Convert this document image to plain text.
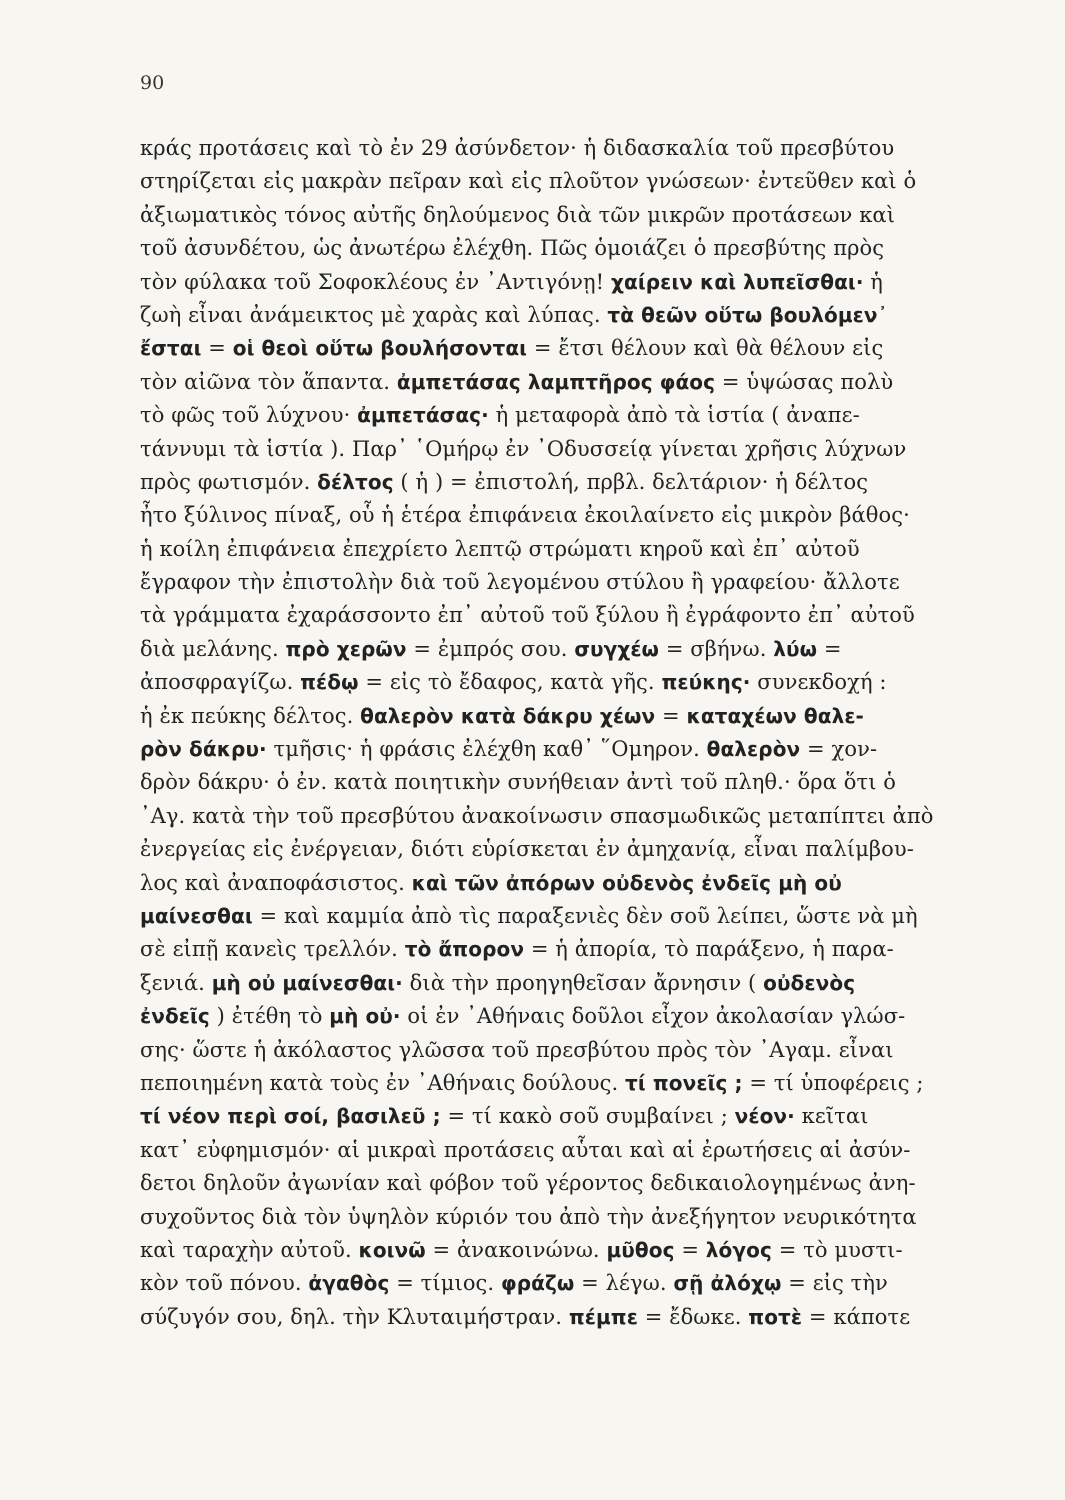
90
κράς προτάσεις καὶ τὸ ἐν 29 ἀσύνδετον· ἡ διδασκαλία τοῦ πρεσβύτου
στηρίζεται εἰς μακρὰν πεῖραν καὶ εἰς πλοῦτον γνώσεων· ἐντεῦθεν καὶ ὁ
ἀξιωματικὸς τόνος αὐτῆς δηλούμενος διὰ τῶν μικρῶν προτάσεων καὶ
τοῦ ἀσυνδέτου, ὡς ἀνωτέρω ἐλέχθη. Πῶς ὁμοιάζει ὁ πρεσβύτης πρὸς
τὸν φύλακα τοῦ Σοφοκλέους ἐν ᾽Αντιγόνῃ! χαίρειν καὶ λυπεῖσθαι· ἡ
ζωὴ εἶναι ἀνάμεικτος μὲ χαρὰς καὶ λύπας. τὰ θεῶν οὕτω βουλόμεν᾽
ἔσται = οἱ θεοὶ οὕτω βουλήσονται = ἔτσι θέλουν καὶ θὰ θέλουν εἰς
τὸν αἰῶνα τὸν ἅπαντα. ἀμπετάσας λαμπτῆρος φάος = ὑψώσας πολὺ
τὸ φῶς τοῦ λύχνου· ἀμπετάσας· ἡ μεταφορὰ ἀπὸ τὰ ἱστία ( ἀναπε-
τάννυμι τὰ ἱστία ). Παρ᾽ ῾Ομήρῳ ἐν ᾽Οδυσσείᾳ γίνεται χρῆσις λύχνων
πρὸς φωτισμόν. δέλτος ( ἡ ) = ἐπιστολή, πρβλ. δελτάριον· ἡ δέλτος
ἦτο ξύλινος πίναξ, οὗ ἡ ἑτέρα ἐπιφάνεια ἐκοιλαίνετο εἰς μικρὸν βάθος·
ἡ κοίλη ἐπιφάνεια ἐπεχρίετο λεπτῷ στρώματι κηροῦ καὶ ἐπ᾽ αὐτοῦ
ἔγραφον τὴν ἐπιστολὴν διὰ τοῦ λεγομένου στύλου ἢ γραφείου· ἄλλοτε
τὰ γράμματα ἐχαράσσοντο ἐπ᾽ αὐτοῦ τοῦ ξύλου ἢ ἐγράφοντο ἐπ᾽ αὐτοῦ
διὰ μελάνης. πρὸ χερῶν = ἐμπρός σου. συγχέω = σβήνω. λύω =
ἀποσφραγίζω. πέδῳ = εἰς τὸ ἔδαφος, κατὰ γῆς. πεύκης· συνεκδοχή :
ἡ ἐκ πεύκης δέλτος. θαλερὸν κατὰ δάκρυ χέων = καταχέων θαλε-
ρὸν δάκρυ· τμῆσις· ἡ φράσις ἐλέχθη καθ᾽ ῞Ομηρον. θαλερὸν = χον-
δρὸν δάκρυ· ὁ ἐν. κατὰ ποιητικὴν συνήθειαν ἀντὶ τοῦ πληθ.· ὅρα ὅτι ὁ
᾽Αγ. κατὰ τὴν τοῦ πρεσβύτου ἀνακοίνωσιν σπασμωδικῶς μεταπίπτει ἀπὸ
ἐνεργείας εἰς ἐνέργειαν, διότι εὑρίσκεται ἐν ἀμηχανίᾳ, εἶναι παλίμβου-
λος καὶ ἀναποφάσιστος. καὶ τῶν ἀπόρων οὐδενὸς ἐνδεῖς μὴ οὐ
μαίνεσθαι = καὶ καμμία ἀπὸ τὶς παραξενιὲς δὲν σοῦ λείπει, ὥστε νὰ μὴ
σὲ εἰπῇ κανεὶς τρελλόν. τὸ ἄπορον = ἡ ἀπορία, τὸ παράξενο, ἡ παρα-
ξενιά. μὴ οὐ μαίνεσθαι· διὰ τὴν προηγηθεῖσαν ἄρνησιν ( οὐδενὸς
ἐνδεῖς ) ἐτέθη τὸ μὴ οὐ· οἱ ἐν ᾽Αθήναις δοῦλοι εἶχον ἀκολασίαν γλώσ-
σης· ὥστε ἡ ἀκόλαστος γλῶσσα τοῦ πρεσβύτου πρὸς τὸν ᾽Αγαμ. εἶναι
πεποιημένη κατὰ τοὺς ἐν ᾽Αθήναις δούλους. τί πονεῖς ; = τί ὑποφέρεις ;
τί νέον περὶ σοί, βασιλεῦ ; = τί κακὸ σοῦ συμβαίνει ; νέον· κεῖται
κατ᾽ εὐφημισμόν· αἱ μικραὶ προτάσεις αὗται καὶ αἱ ἐρωτήσεις αἱ ἀσύν-
δετοι δηλοῦν ἀγωνίαν καὶ φόβον τοῦ γέροντος δεδικαιολογημένως ἀνη-
συχοῦντος διὰ τὸν ὑψηλὸν κύριόν του ἀπὸ τὴν ἀνεξήγητον νευρικότητα
καὶ ταραχὴν αὐτοῦ. κοινῶ = ἀνακοινώνω. μῦθος = λόγος = τὸ μυστι-
κὸν τοῦ πόνου. ἀγαθὸς = τίμιος. φράζω = λέγω. σῇ ἀλόχῳ = εἰς τὴν
σύζυγόν σου, δηλ. τὴν Κλυταιμήστραν. πέμπε = ἔδωκε. ποτὲ = κάποτε
